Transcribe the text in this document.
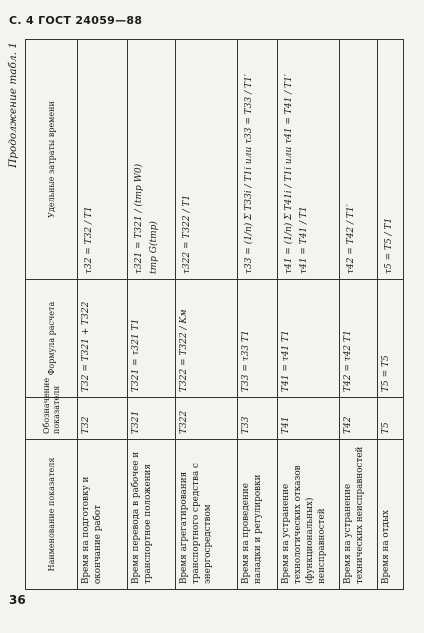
С. 4 ГОСТ 24059—88
Продолжение табл. 1
Наименование показателя	Обозначение показателя	Формула расчета	Удельные затраты времени
Время на подготовку и окончание работ	T32	T32 = T321 + T322	τ32 = T32 / T1

Время перевода в рабочее и транспортное положения	T321	T321 = τ321 T1	τ321 = T321 / (tтр W0) tтр G(tтр)

Время агрегатирования транспортного средства с энергосредством	T322	T322 = T322 / Kм	τ322 = T322 / T1

Время на проведение наладки и регулировки	T33	T33 = τ33 T1	τ33 = (1/n) Σ T33i / T1i или τ33 = T33 / T1′

Время на устранение технологических отказов (функциональных) неисправностей	T41	T41 = τ41 T1	τ41 = (1/n) Σ T41i / T1i или τ41 = T41 / T1′ τ41 = T41 / T1

Время на устранение технических неисправностей	T42	T42 = τ42 T1	τ42 = T42 / T1′

Время на отдых	T5	T5 = T5	τ5 = T5 / T1
36
